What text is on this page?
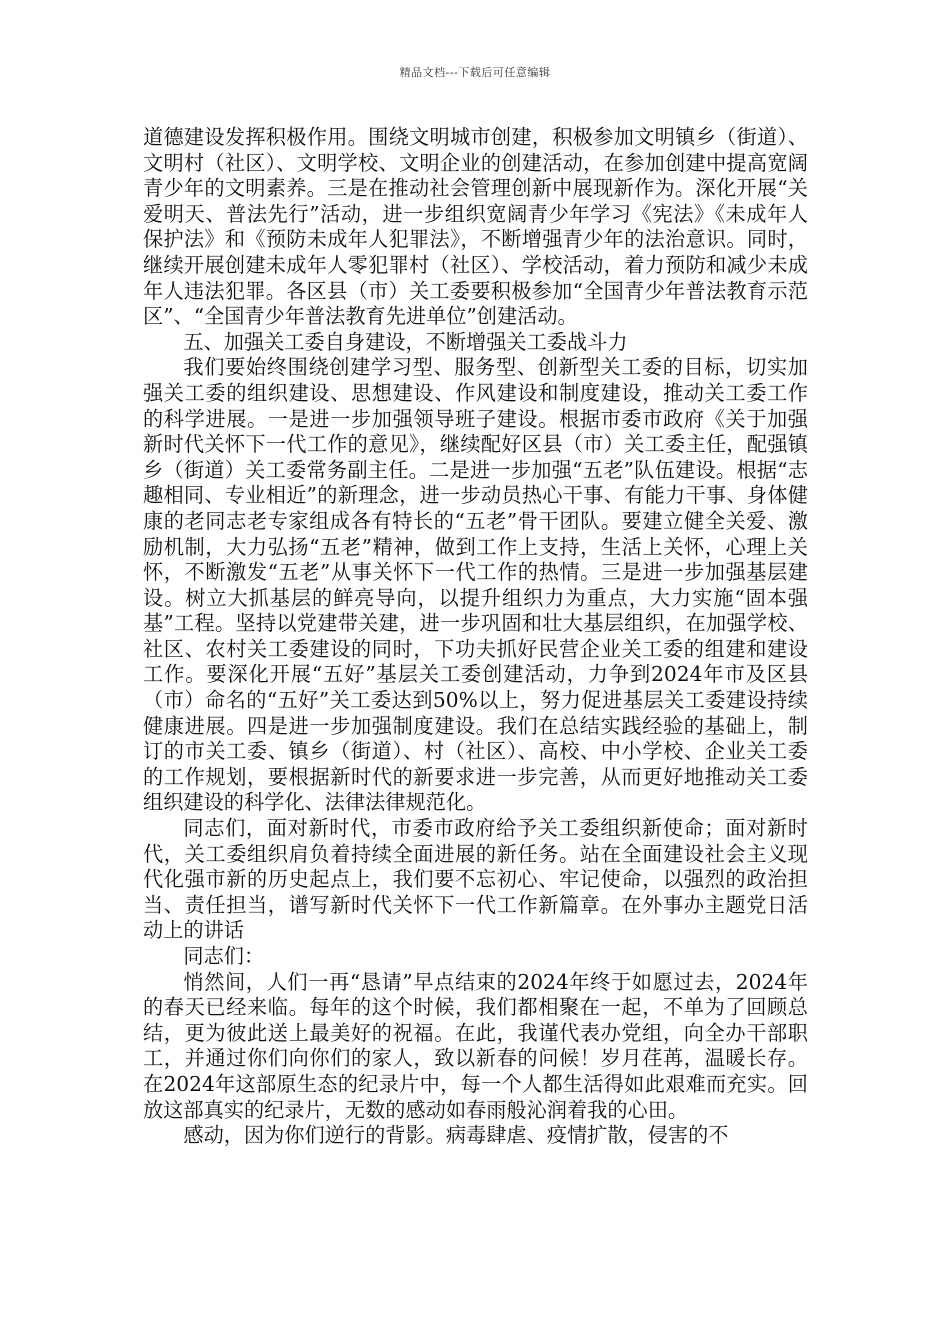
精品文档---下载后可任意编辑

道德建设发挥积极作用。围绕文明城市创建，积极参加文明镇乡（街道）、文明村（社区）、文明学校、文明企业的创建活动，在参加创建中提高宽阔青少年的文明素养。三是在推动社会管理创新中展现新作为。深化开展“关爱明天、普法先行”活动，进一步组织宽阔青少年学习《宪法》《未成年人保护法》和《预防未成年人犯罪法》，不断增强青少年的法治意识。同时，继续开展创建未成年人零犯罪村（社区）、学校活动，着力预防和减少未成年人违法犯罪。各区县（市）关工委要积极参加“全国青少年普法教育示范区”、“全国青少年普法教育先进单位”创建活动。

五、加强关工委自身建设，不断增强关工委战斗力

我们要始终围绕创建学习型、服务型、创新型关工委的目标，切实加强关工委的组织建设、思想建设、作风建设和制度建设，推动关工委工作的科学进展。一是进一步加强领导班子建设。根据市委市政府《关于加强新时代关怀下一代工作的意见》，继续配好区县（市）关工委主任，配强镇乡（街道）关工委常务副主任。二是进一步加强“五老”队伍建设。根据“志趣相同、专业相近”的新理念，进一步动员热心干事、有能力干事、身体健康的老同志老专家组成各有特长的“五老”骨干团队。要建立健全关爱、激励机制，大力弘扬“五老”精神，做到工作上支持，生活上关怀，心理上关怀，不断激发“五老”从事关怀下一代工作的热情。三是进一步加强基层建设。树立大抓基层的鲜亮导向，以提升组织力为重点，大力实施“固本强基”工程。坚持以党建带关建，进一步巩固和壮大基层组织，在加强学校、社区、农村关工委建设的同时，下功夫抓好民营企业关工委的组建和建设工作。要深化开展“五好”基层关工委创建活动，力争到2024年市及区县（市）命名的“五好”关工委达到50%以上，努力促进基层关工委建设持续健康进展。四是进一步加强制度建设。我们在总结实践经验的基础上，制订的市关工委、镇乡（街道）、村（社区）、高校、中小学校、企业关工委的工作规划，要根据新时代的新要求进一步完善，从而更好地推动关工委组织建设的科学化、法律法律规范化。

同志们，面对新时代，市委市政府给予关工委组织新使命；面对新时代，关工委组织肩负着持续全面进展的新任务。站在全面建设社会主义现代化强市新的历史起点上，我们要不忘初心、牢记使命，以强烈的政治担当、责任担当，谱写新时代关怀下一代工作新篇章。在外事办主题党日活动上的讲话

同志们：

悄然间，人们一再“恳请”早点结束的2024年终于如愿过去，2024年的春天已经来临。每年的这个时候，我们都相聚在一起，不单为了回顾总结，更为彼此送上最美好的祝福。在此，我谨代表办党组，向全办干部职工，并通过你们向你们的家人，致以新春的问候！岁月荏苒，温暖长存。在2024年这部原生态的纪录片中，每一个人都生活得如此艰难而充实。回放这部真实的纪录片，无数的感动如春雨般沁润着我的心田。

感动，因为你们逆行的背影。病毒肆虐、疫情扩散，侵害的不
